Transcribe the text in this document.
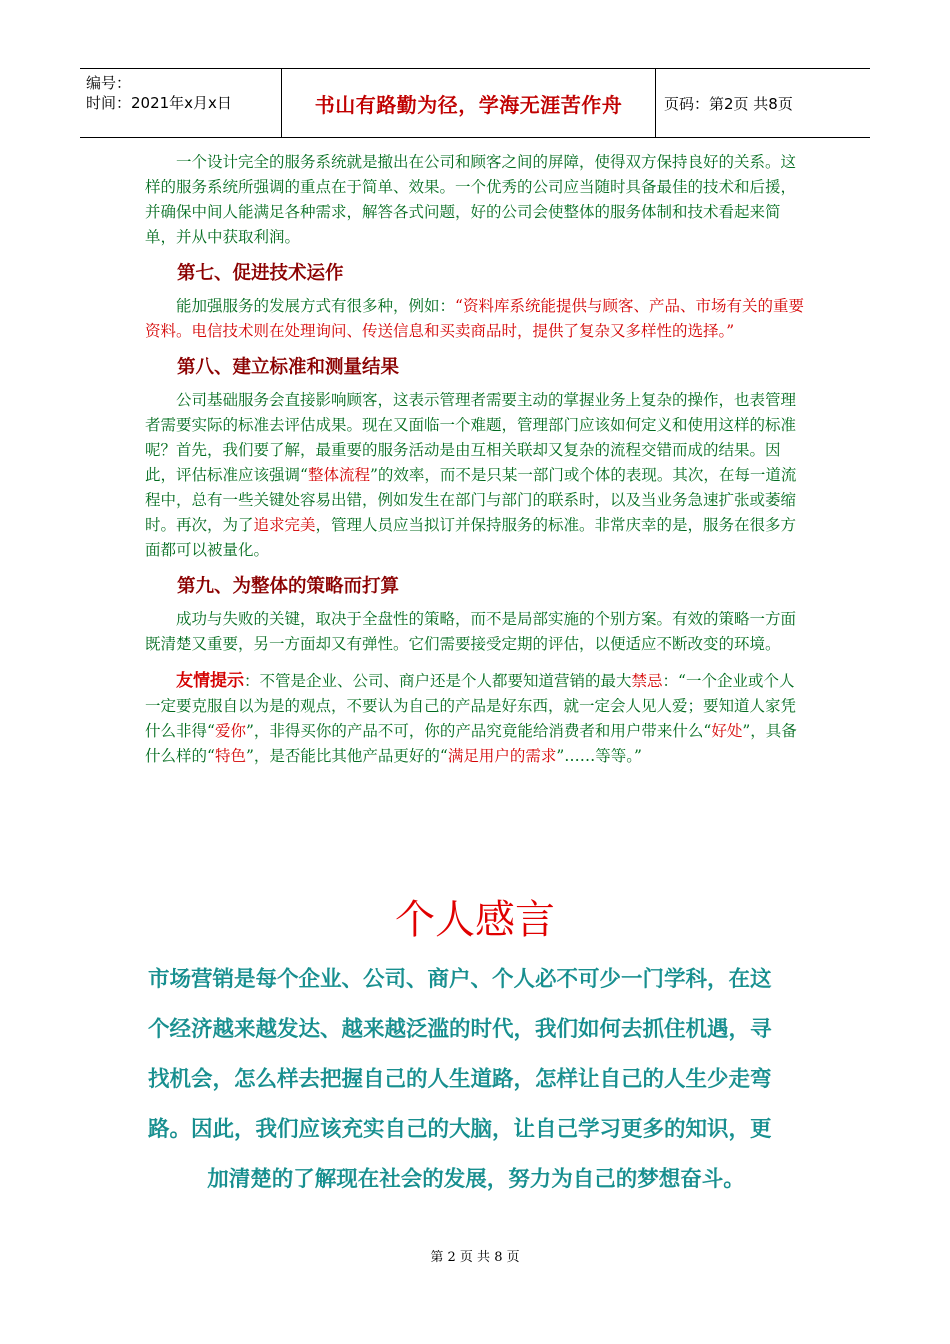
编号：
时间：2021年x月x日	书山有路勤为径，学海无涯苦作舟	页码：第2页 共8页

一个设计完全的服务系统就是撤出在公司和顾客之间的屏障，使得双方保持良好的关系。这样的服务系统所强调的重点在于简单、效果。一个优秀的公司应当随时具备最佳的技术和后援，并确保中间人能满足各种需求，解答各式问题，好的公司会使整体的服务体制和技术看起来简单，并从中获取利润。

第七、促进技术运作

能加强服务的发展方式有很多种，例如：“资料库系统能提供与顾客、产品、市场有关的重要资料。电信技术则在处理询问、传送信息和买卖商品时，提供了复杂又多样性的选择。”

第八、建立标准和测量结果

公司基础服务会直接影响顾客，这表示管理者需要主动的掌握业务上复杂的操作，也表管理者需要实际的标准去评估成果。现在又面临一个难题，管理部门应该如何定义和使用这样的标准呢？首先，我们要了解，最重要的服务活动是由互相关联却又复杂的流程交错而成的结果。因此，评估标准应该强调“整体流程”的效率，而不是只某一部门或个体的表现。其次，在每一道流程中，总有一些关键处容易出错，例如发生在部门与部门的联系时，以及当业务急速扩张或萎缩时。再次，为了追求完美，管理人员应当拟订并保持服务的标准。非常庆幸的是，服务在很多方面都可以被量化。

第九、为整体的策略而打算

成功与失败的关键，取决于全盘性的策略，而不是局部实施的个别方案。有效的策略一方面既清楚又重要，另一方面却又有弹性。它们需要接受定期的评估，以便适应不断改变的环境。

友情提示：不管是企业、公司、商户还是个人都要知道营销的最大禁忌：“一个企业或个人一定要克服自以为是的观点，不要认为自己的产品是好东西，就一定会人见人爱；要知道人家凭什么非得“爱你”，非得买你的产品不可，你的产品究竟能给消费者和用户带来什么“好处”，具备什么样的“特色”，是否能比其他产品更好的“满足用户的需求”……等等。”

个人感言
市场营销是每个企业、公司、商户、个人必不可少一门学科，在这
个经济越来越发达、越来越泛滥的时代，我们如何去抓住机遇，寻
找机会，怎么样去把握自己的人生道路，怎样让自己的人生少走弯
路。因此，我们应该充实自己的大脑，让自己学习更多的知识，更
加清楚的了解现在社会的发展，努力为自己的梦想奋斗。
第 2 页 共 8 页
